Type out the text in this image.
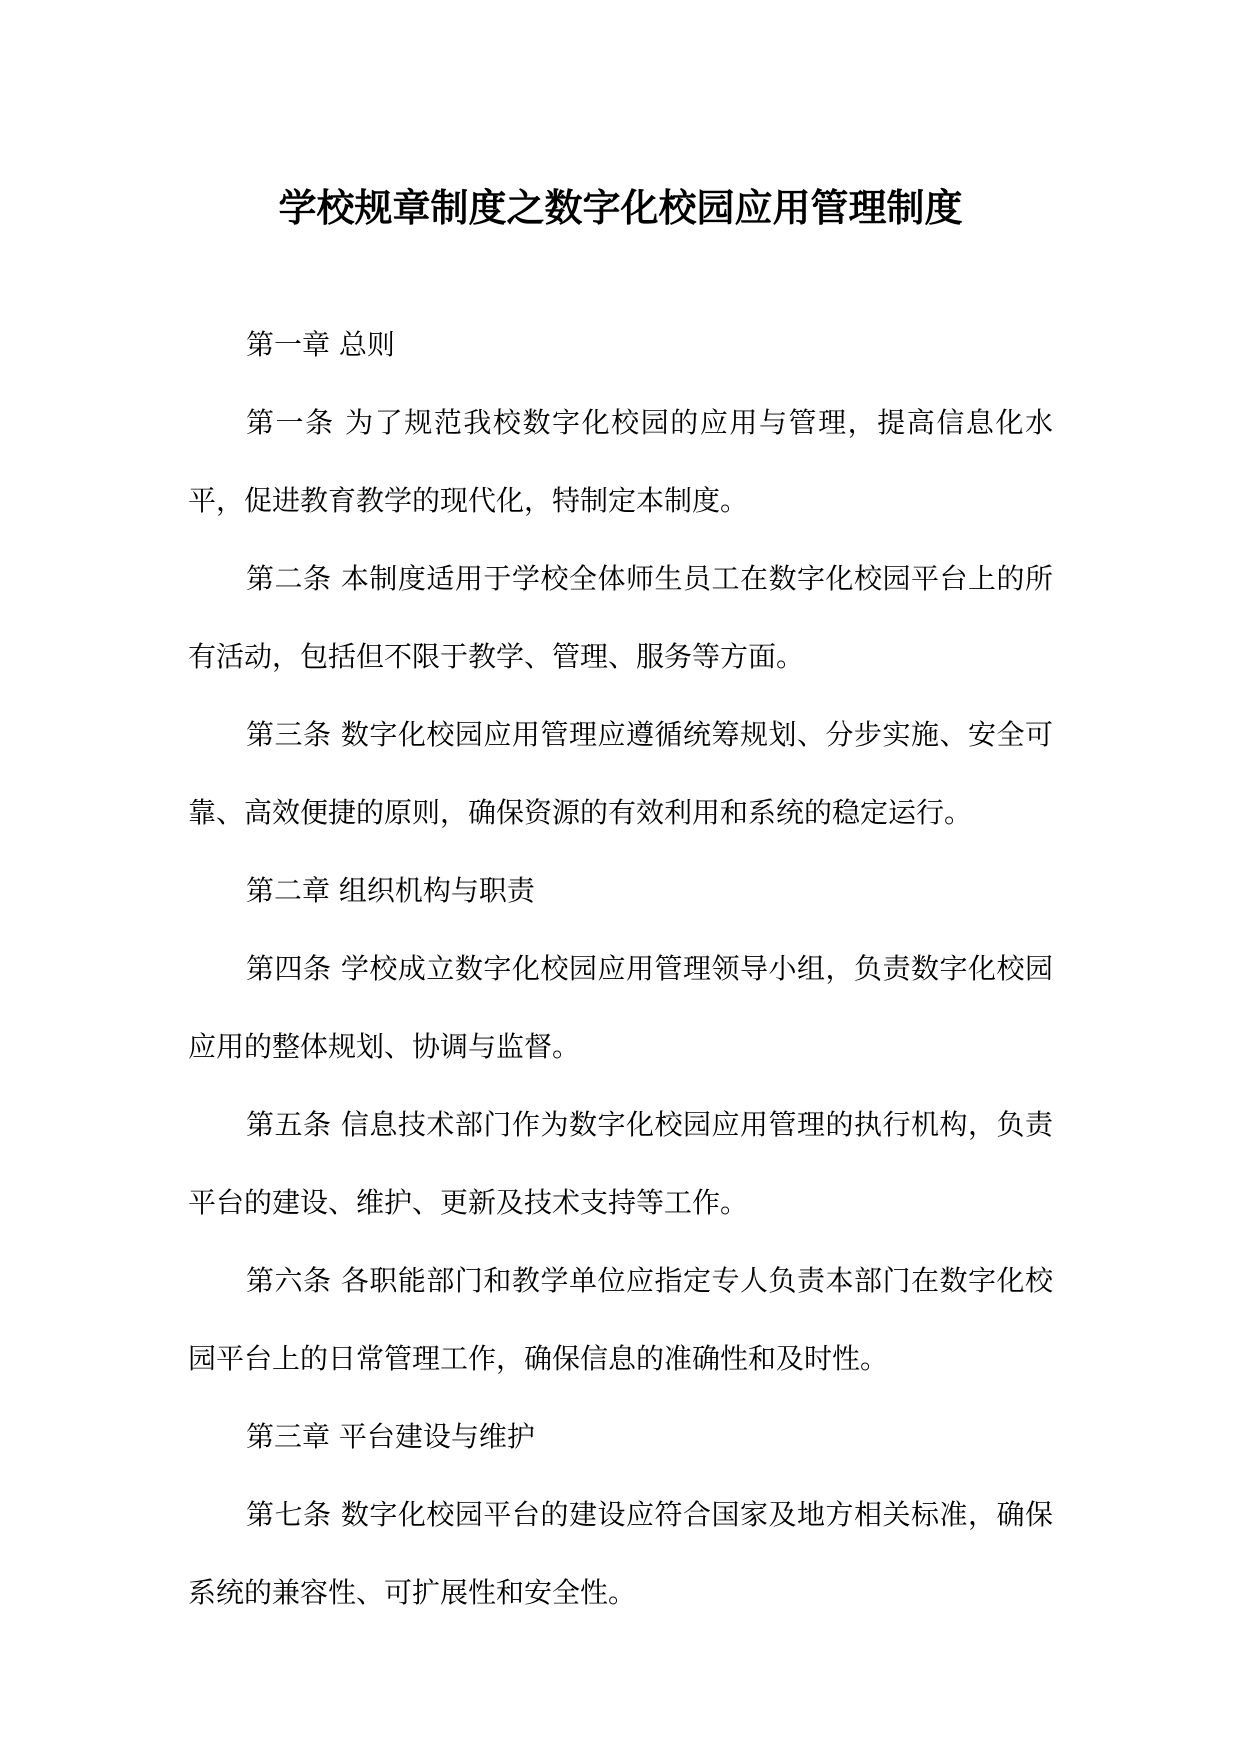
学校规章制度之数字化校园应用管理制度

第一章 总则

第一条 为了规范我校数字化校园的应用与管理，提高信息化水平，促进教育教学的现代化，特制定本制度。

第二条 本制度适用于学校全体师生员工在数字化校园平台上的所有活动，包括但不限于教学、管理、服务等方面。

第三条 数字化校园应用管理应遵循统筹规划、分步实施、安全可靠、高效便捷的原则，确保资源的有效利用和系统的稳定运行。

第二章 组织机构与职责

第四条 学校成立数字化校园应用管理领导小组，负责数字化校园应用的整体规划、协调与监督。

第五条 信息技术部门作为数字化校园应用管理的执行机构，负责平台的建设、维护、更新及技术支持等工作。

第六条 各职能部门和教学单位应指定专人负责本部门在数字化校园平台上的日常管理工作，确保信息的准确性和及时性。

第三章 平台建设与维护

第七条 数字化校园平台的建设应符合国家及地方相关标准，确保系统的兼容性、可扩展性和安全性。
